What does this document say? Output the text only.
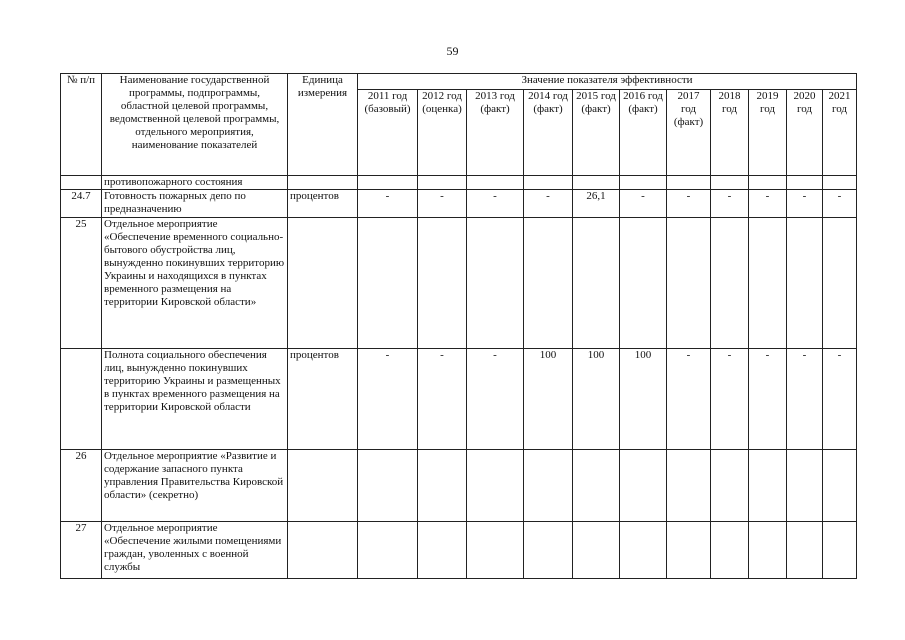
59
№ п/п	Наименование государственной программы, подпрограммы, областной целевой программы, ведомственной целевой программы, отдельного мероприятия, наименование показателей	Единица измерения	Значение показателя эффективности										
			2011 год (базовый)	2012 год (оценка)	2013 год (факт)	2014 год (факт)	2015 год (факт)	2016 год (факт)	2017 год (факт)	2018 год	2019 год	2020 год	2021 год
	противопожарного состояния												
24.7	Готовность пожарных депо по предназначению	процентов	-	-	-	-	26,1	-	-	-	-	-	-
25	Отдельное мероприятие «Обеспечение временного социально-бытового обустройства лиц, вынужденно покинувших территорию Украины и находящихся в пунктах временного размещения на территории Кировской области»												
	Полнота социального обеспечения лиц, вынужденно покинувших территорию Украины и размещенных в пунктах временного размещения на территории Кировской области	процентов	-	-	-	100	100	100	-	-	-	-	-
26	Отдельное мероприятие «Развитие и содержание запасного пункта управления Правительства Кировской области» (секретно)												
27	Отдельное мероприятие «Обеспечение жилыми помещениями граждан, уволенных с военной службы												
